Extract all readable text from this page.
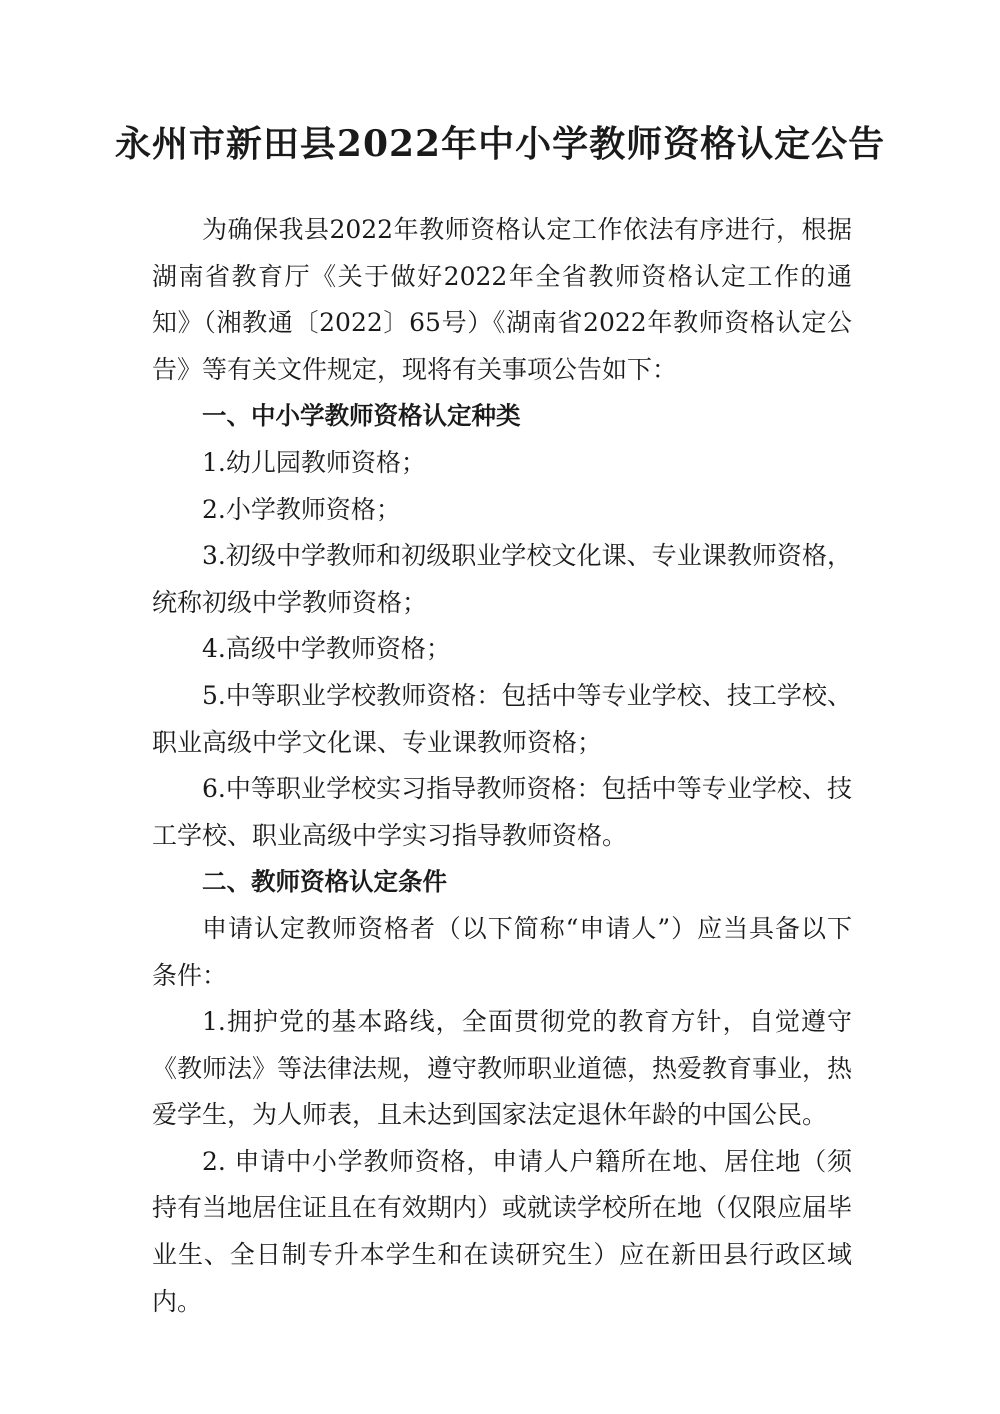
永州市新田县2022年中小学教师资格认定公告

为确保我县2022年教师资格认定工作依法有序进行，根据湖南省教育厅《关于做好2022年全省教师资格认定工作的通知》（湘教通〔2022〕65号）《湖南省2022年教师资格认定公告》等有关文件规定，现将有关事项公告如下：

一、中小学教师资格认定种类

1.幼儿园教师资格；

2.小学教师资格；

3.初级中学教师和初级职业学校文化课、专业课教师资格，统称初级中学教师资格；

4.高级中学教师资格；

5.中等职业学校教师资格：包括中等专业学校、技工学校、职业高级中学文化课、专业课教师资格；

6.中等职业学校实习指导教师资格：包括中等专业学校、技工学校、职业高级中学实习指导教师资格。

二、教师资格认定条件

申请认定教师资格者（以下简称“申请人”）应当具备以下条件：

1.拥护党的基本路线，全面贯彻党的教育方针，自觉遵守《教师法》等法律法规，遵守教师职业道德，热爱教育事业，热爱学生，为人师表，且未达到国家法定退休年龄的中国公民。

2. 申请中小学教师资格，申请人户籍所在地、居住地（须持有当地居住证且在有效期内）或就读学校所在地（仅限应届毕业生、全日制专升本学生和在读研究生）应在新田县行政区域内。
